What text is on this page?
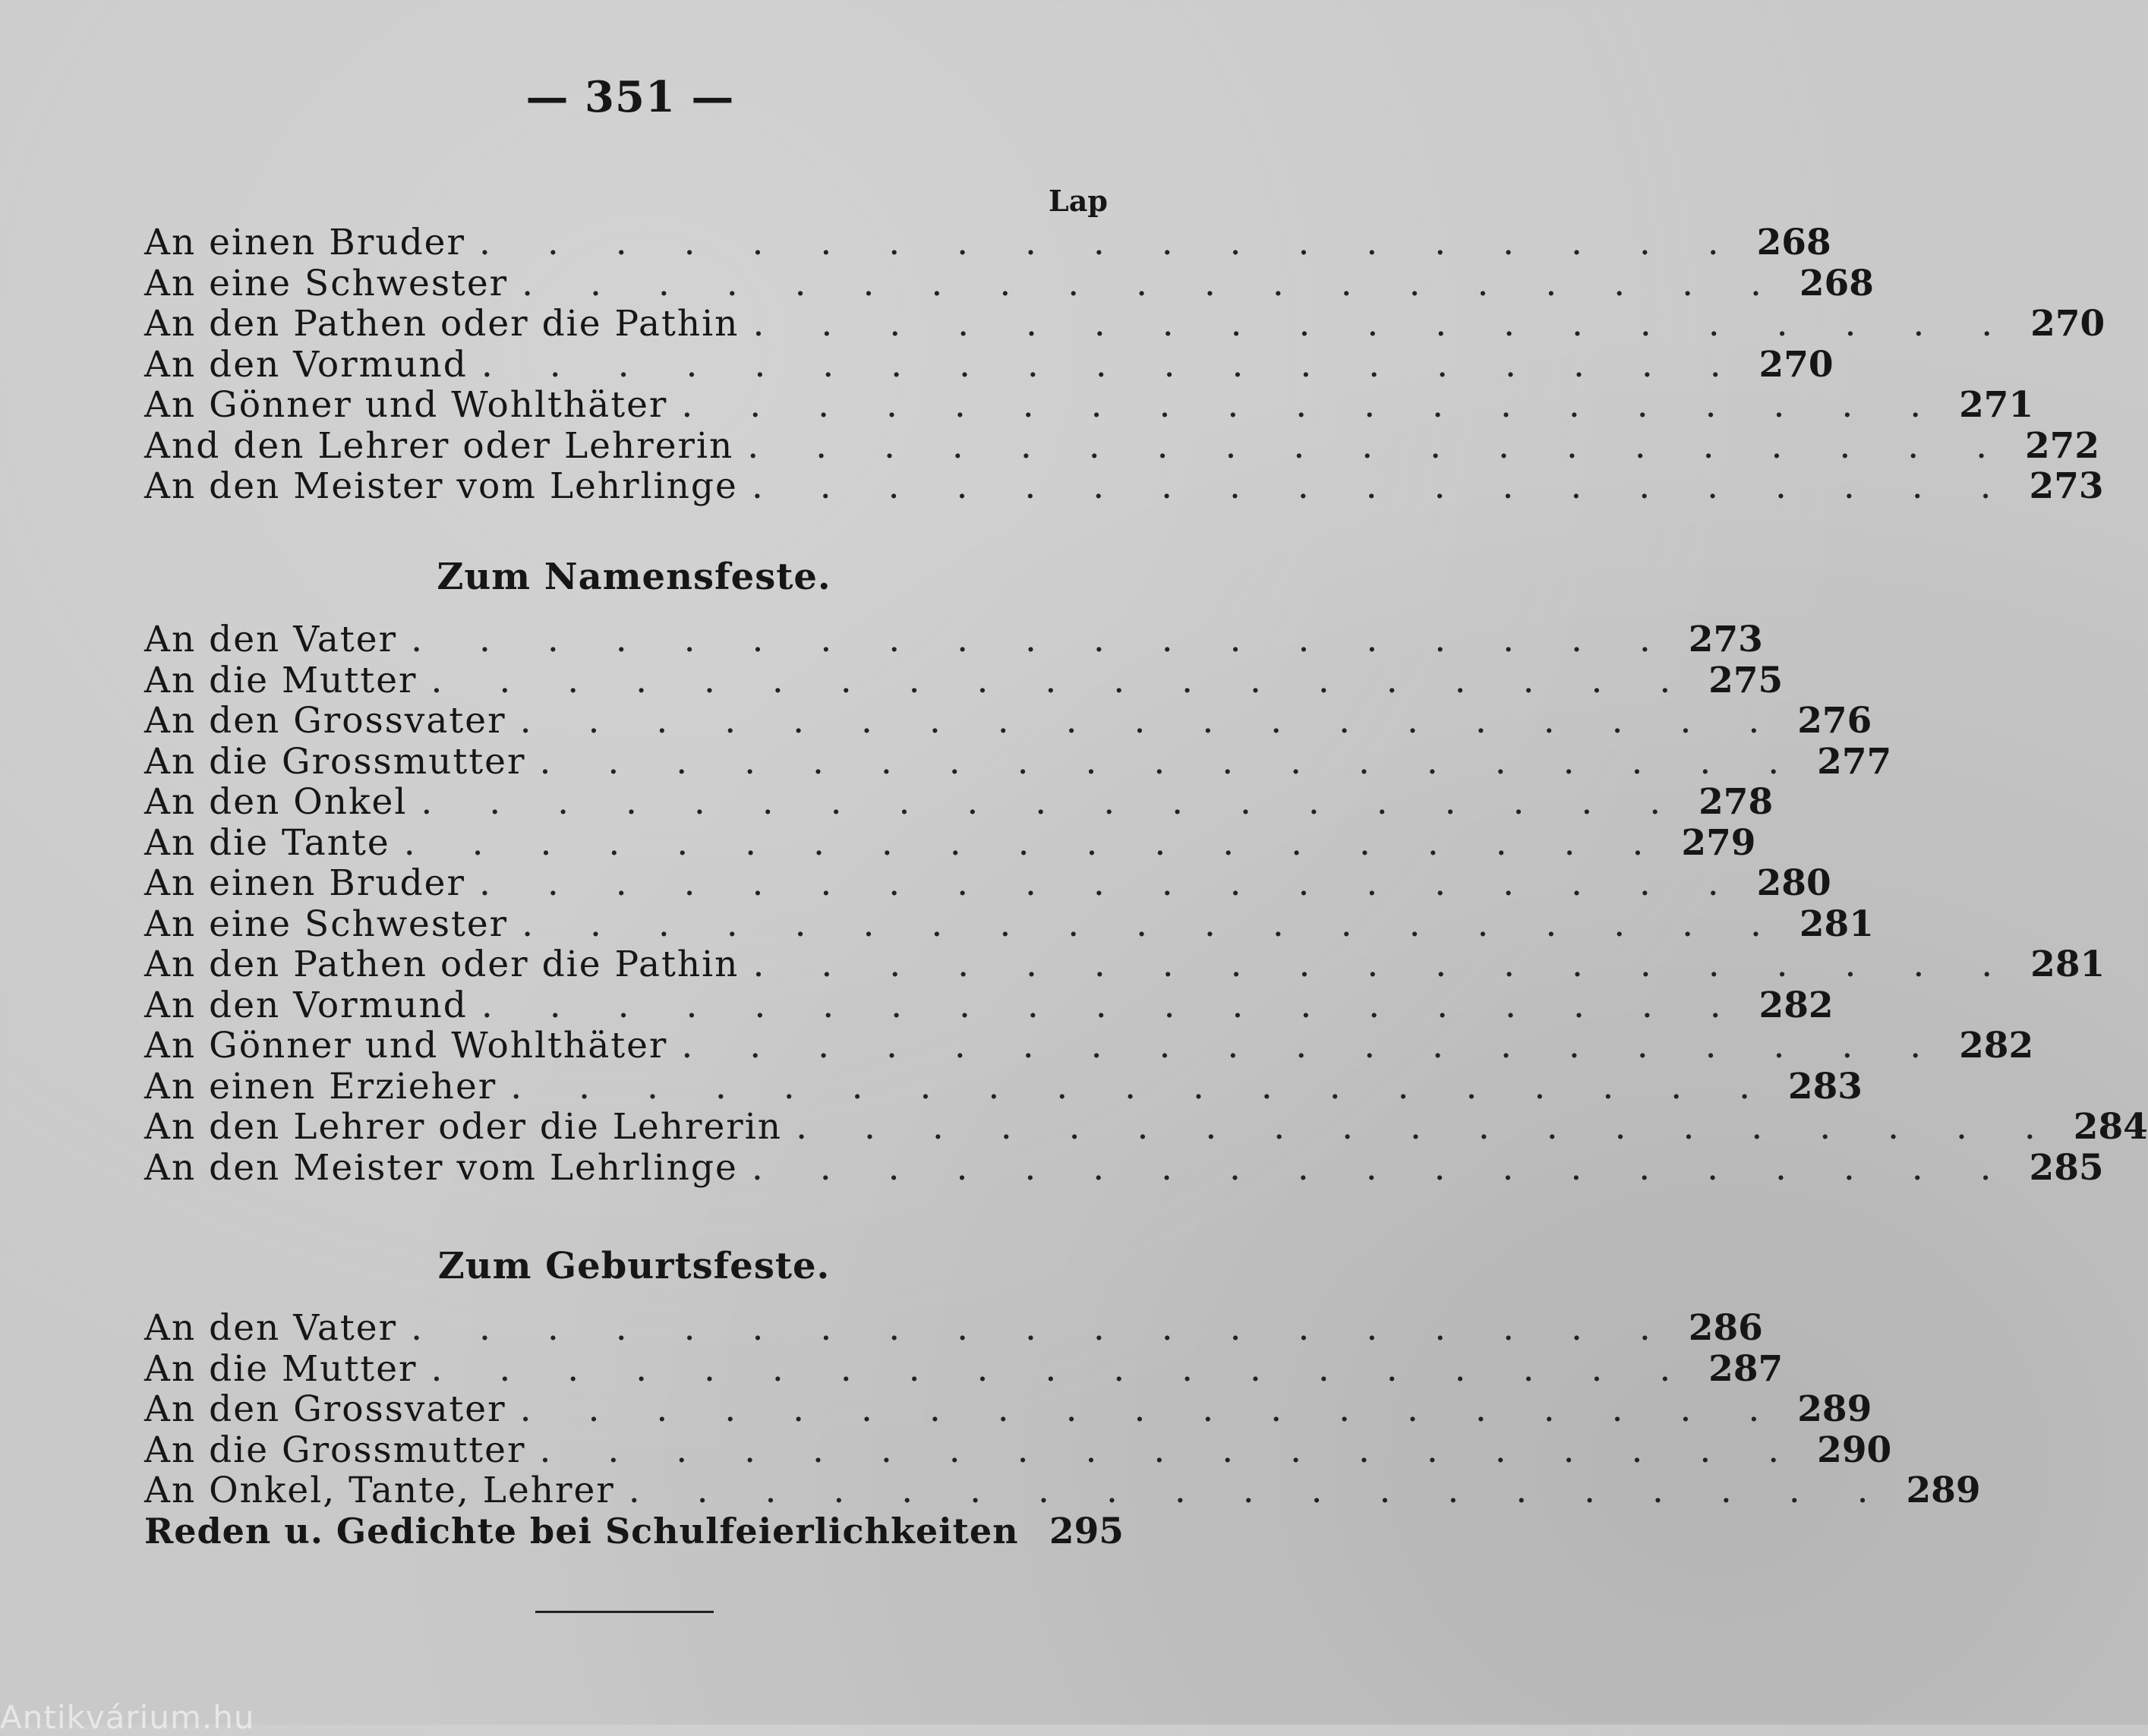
— 351 —
Lap
An einen Bruder . . . . . . . . . . . . . . . . . . . 268
An eine Schwester . . . . . . . . . . . . . . . . . . . 268
An den Pathen oder die Pathin . . . . . . . . . . . . . . . . . . . 270
An den Vormund . . . . . . . . . . . . . . . . . . . 270
An Gönner und Wohlthäter . . . . . . . . . . . . . . . . . . . 271
And den Lehrer oder Lehrerin . . . . . . . . . . . . . . . . . . . 272
An den Meister vom Lehrlinge . . . . . . . . . . . . . . . . . . . 273
Zum Namensfeste.
An den Vater . . . . . . . . . . . . . . . . . . . 273
An die Mutter . . . . . . . . . . . . . . . . . . . 275
An den Grossvater . . . . . . . . . . . . . . . . . . . 276
An die Grossmutter . . . . . . . . . . . . . . . . . . . 277
An den Onkel . . . . . . . . . . . . . . . . . . . 278
An die Tante . . . . . . . . . . . . . . . . . . . 279
An einen Bruder . . . . . . . . . . . . . . . . . . . 280
An eine Schwester . . . . . . . . . . . . . . . . . . . 281
An den Pathen oder die Pathin . . . . . . . . . . . . . . . . . . . 281
An den Vormund . . . . . . . . . . . . . . . . . . . 282
An Gönner und Wohlthäter . . . . . . . . . . . . . . . . . . . 282
An einen Erzieher . . . . . . . . . . . . . . . . . . . 283
An den Lehrer oder die Lehrerin . . . . . . . . . . . . . . . . . . . 284
An den Meister vom Lehrlinge . . . . . . . . . . . . . . . . . . . 285
Zum Geburtsfeste.
An den Vater . . . . . . . . . . . . . . . . . . . 286
An die Mutter . . . . . . . . . . . . . . . . . . . 287
An den Grossvater . . . . . . . . . . . . . . . . . . . 289
An die Grossmutter . . . . . . . . . . . . . . . . . . . 290
An Onkel, Tante, Lehrer . . . . . . . . . . . . . . . . . . . 289
Reden u. Gedichte bei Schulfeierlichkeiten 295
Antikvárium.hu
